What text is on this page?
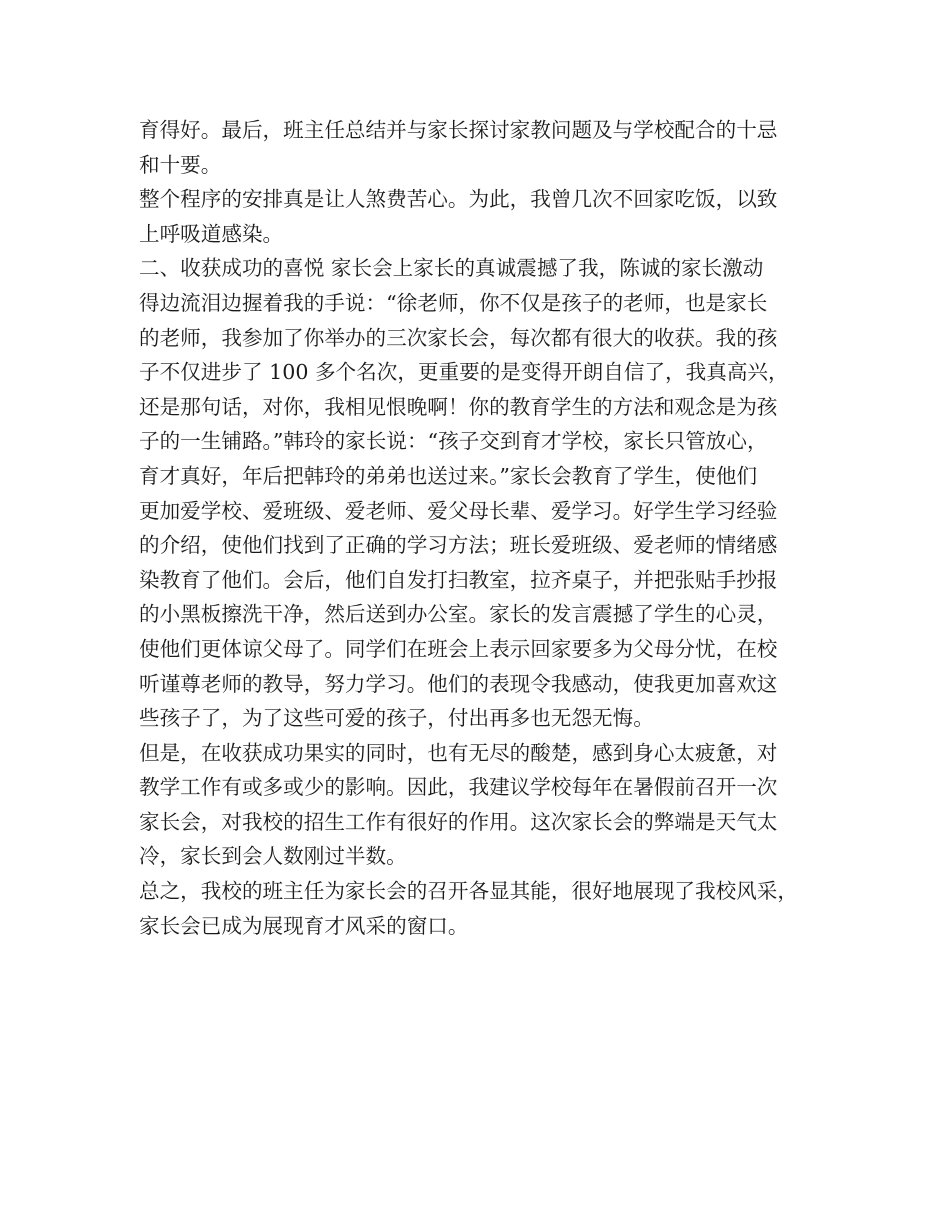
育得好。最后，班主任总结并与家长探讨家教问题及与学校配合的十忌
和十要。

整个程序的安排真是让人煞费苦心。为此，我曾几次不回家吃饭，以致
上呼吸道感染。

二、收获成功的喜悦 家长会上家长的真诚震撼了我，陈诚的家长激动
得边流泪边握着我的手说：“徐老师，你不仅是孩子的老师，也是家长
的老师，我参加了你举办的三次家长会，每次都有很大的收获。我的孩
子不仅进步了 100 多个名次，更重要的是变得开朗自信了，我真高兴，
还是那句话，对你，我相见恨晚啊！你的教育学生的方法和观念是为孩
子的一生铺路。”韩玲的家长说：“孩子交到育才学校，家长只管放心，
育才真好，年后把韩玲的弟弟也送过来。”家长会教育了学生，使他们
更加爱学校、爱班级、爱老师、爱父母长辈、爱学习。好学生学习经验
的介绍，使他们找到了正确的学习方法；班长爱班级、爱老师的情绪感
染教育了他们。会后，他们自发打扫教室，拉齐桌子，并把张贴手抄报
的小黑板擦洗干净，然后送到办公室。家长的发言震撼了学生的心灵，
使他们更体谅父母了。同学们在班会上表示回家要多为父母分忧，在校
听谨尊老师的教导，努力学习。他们的表现令我感动，使我更加喜欢这
些孩子了，为了这些可爱的孩子，付出再多也无怨无悔。

但是，在收获成功果实的同时，也有无尽的酸楚，感到身心太疲惫，对
教学工作有或多或少的影响。因此，我建议学校每年在暑假前召开一次
家长会，对我校的招生工作有很好的作用。这次家长会的弊端是天气太
冷，家长到会人数刚过半数。

总之，我校的班主任为家长会的召开各显其能，很好地展现了我校风采，
家长会已成为展现育才风采的窗口。
